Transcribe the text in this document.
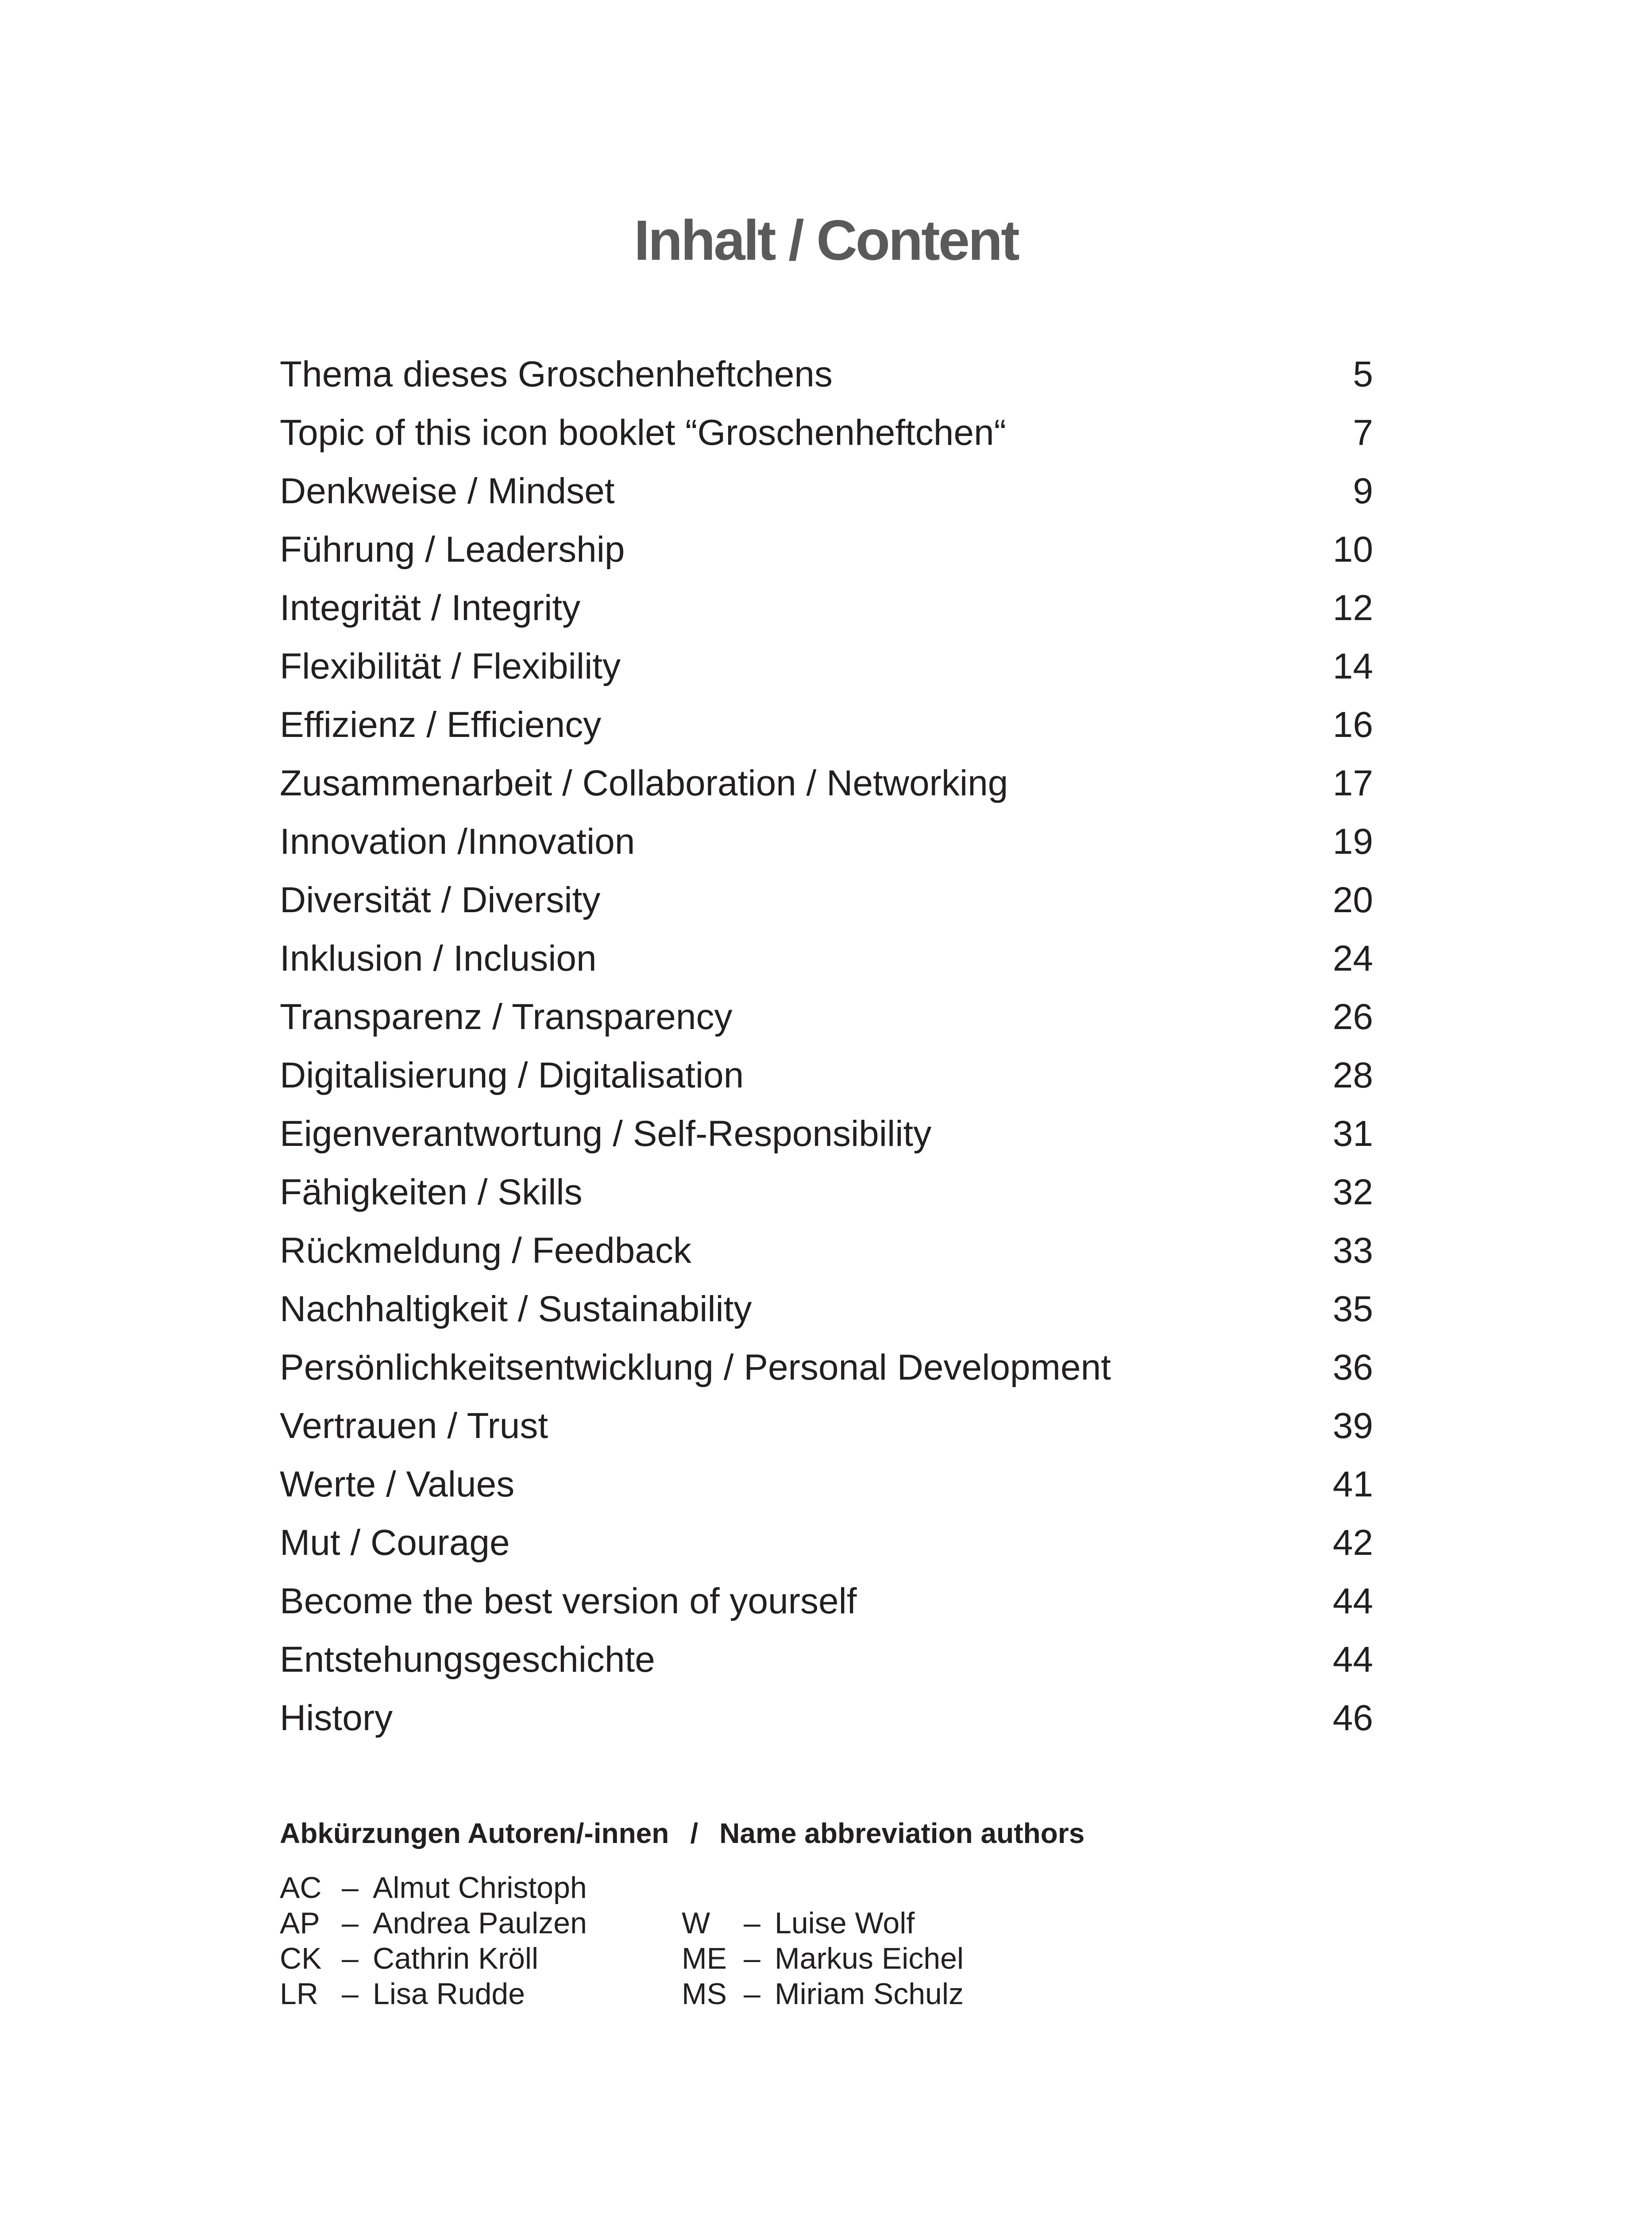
Inhalt / Content
Thema dieses Groschenheftchens	5
Topic of this icon booklet “Groschenheftchen“	7
Denkweise / Mindset	9
Führung / Leadership	10
Integrität / Integrity	12
Flexibilität / Flexibility	14
Effizienz / Efficiency	16
Zusammenarbeit / Collaboration / Networking	17
Innovation /Innovation	19
Diversität / Diversity	20
Inklusion / Inclusion	24
Transparenz / Transparency	26
Digitalisierung / Digitalisation	28
Eigenverantwortung / Self-Responsibility	31
Fähigkeiten / Skills	32
Rückmeldung / Feedback	33
Nachhaltigkeit / Sustainability	35
Persönlichkeitsentwicklung / Personal Development	36
Vertrauen / Trust	39
Werte / Values	41
Mut / Courage	42
Become the best version of yourself	44
Entstehungsgeschichte	44
History	46
Abkürzungen Autoren/-innen / Name abbreviation authors
AC – Almut Christoph
AP – Andrea Paulzen
CK – Cathrin Kröll
LR – Lisa Rudde
W	– Luise Wolf
ME – Markus Eichel
MS – Miriam Schulz
